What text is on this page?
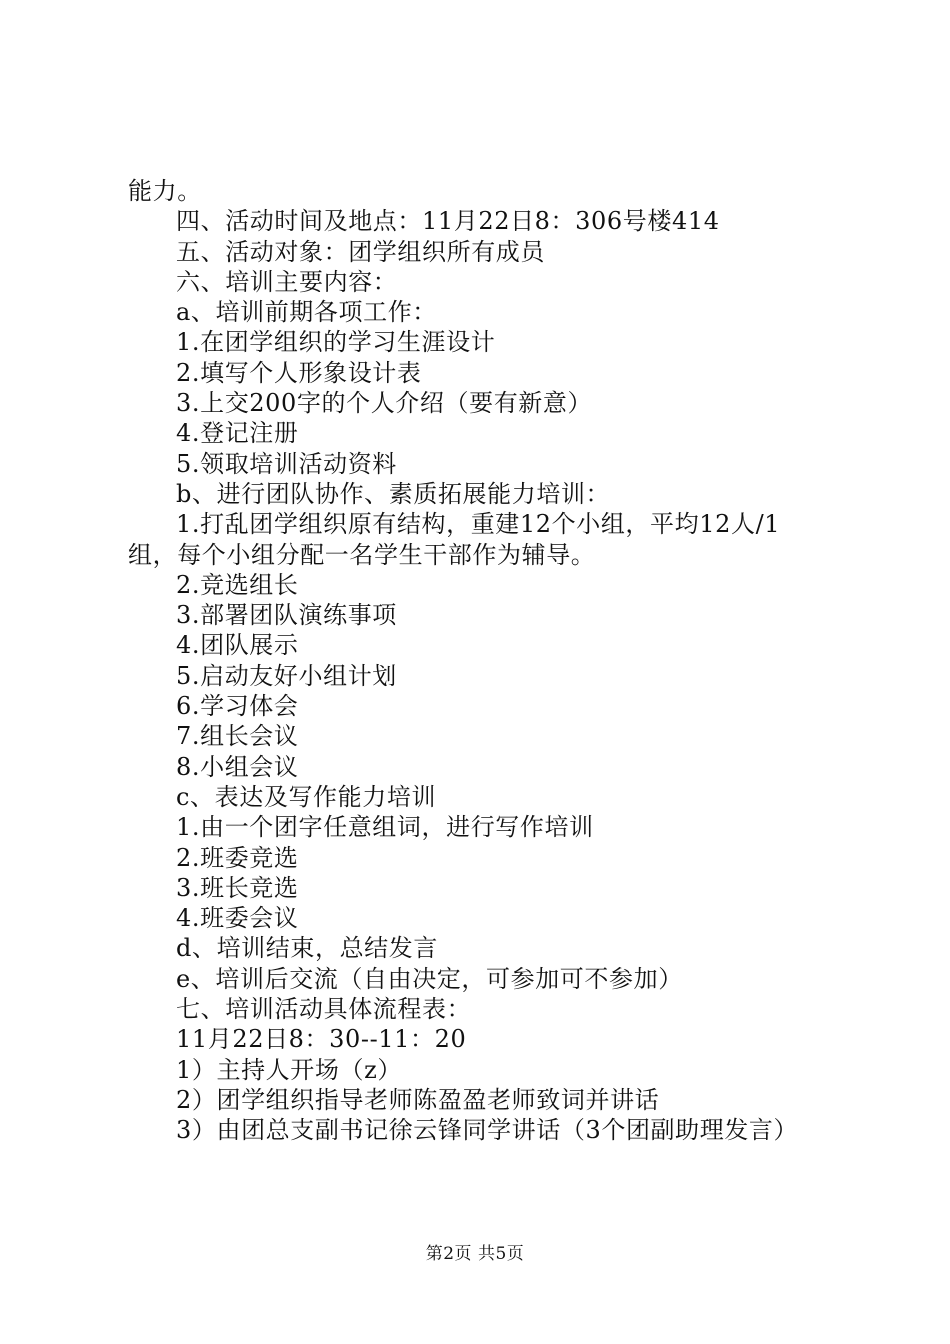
能力。
四、活动时间及地点：11月22日8：306号楼414
五、活动对象：团学组织所有成员
六、培训主要内容：
a、培训前期各项工作：
1.在团学组织的学习生涯设计
2.填写个人形象设计表
3.上交200字的个人介绍（要有新意）
4.登记注册
5.领取培训活动资料
b、进行团队协作、素质拓展能力培训：
1.打乱团学组织原有结构，重建12个小组，平均12人/1
组，每个小组分配一名学生干部作为辅导。
2.竞选组长
3.部署团队演练事项
4.团队展示
5.启动友好小组计划
6.学习体会
7.组长会议
8.小组会议
c、表达及写作能力培训
1.由一个团字任意组词，进行写作培训
2.班委竞选
3.班长竞选
4.班委会议
d、培训结束，总结发言
e、培训后交流（自由决定，可参加可不参加）
七、培训活动具体流程表：
11月22日8：30--11：20
1）主持人开场（z）
2）团学组织指导老师陈盈盈老师致词并讲话
3）由团总支副书记徐云锋同学讲话（3个团副助理发言）
第2页 共5页
